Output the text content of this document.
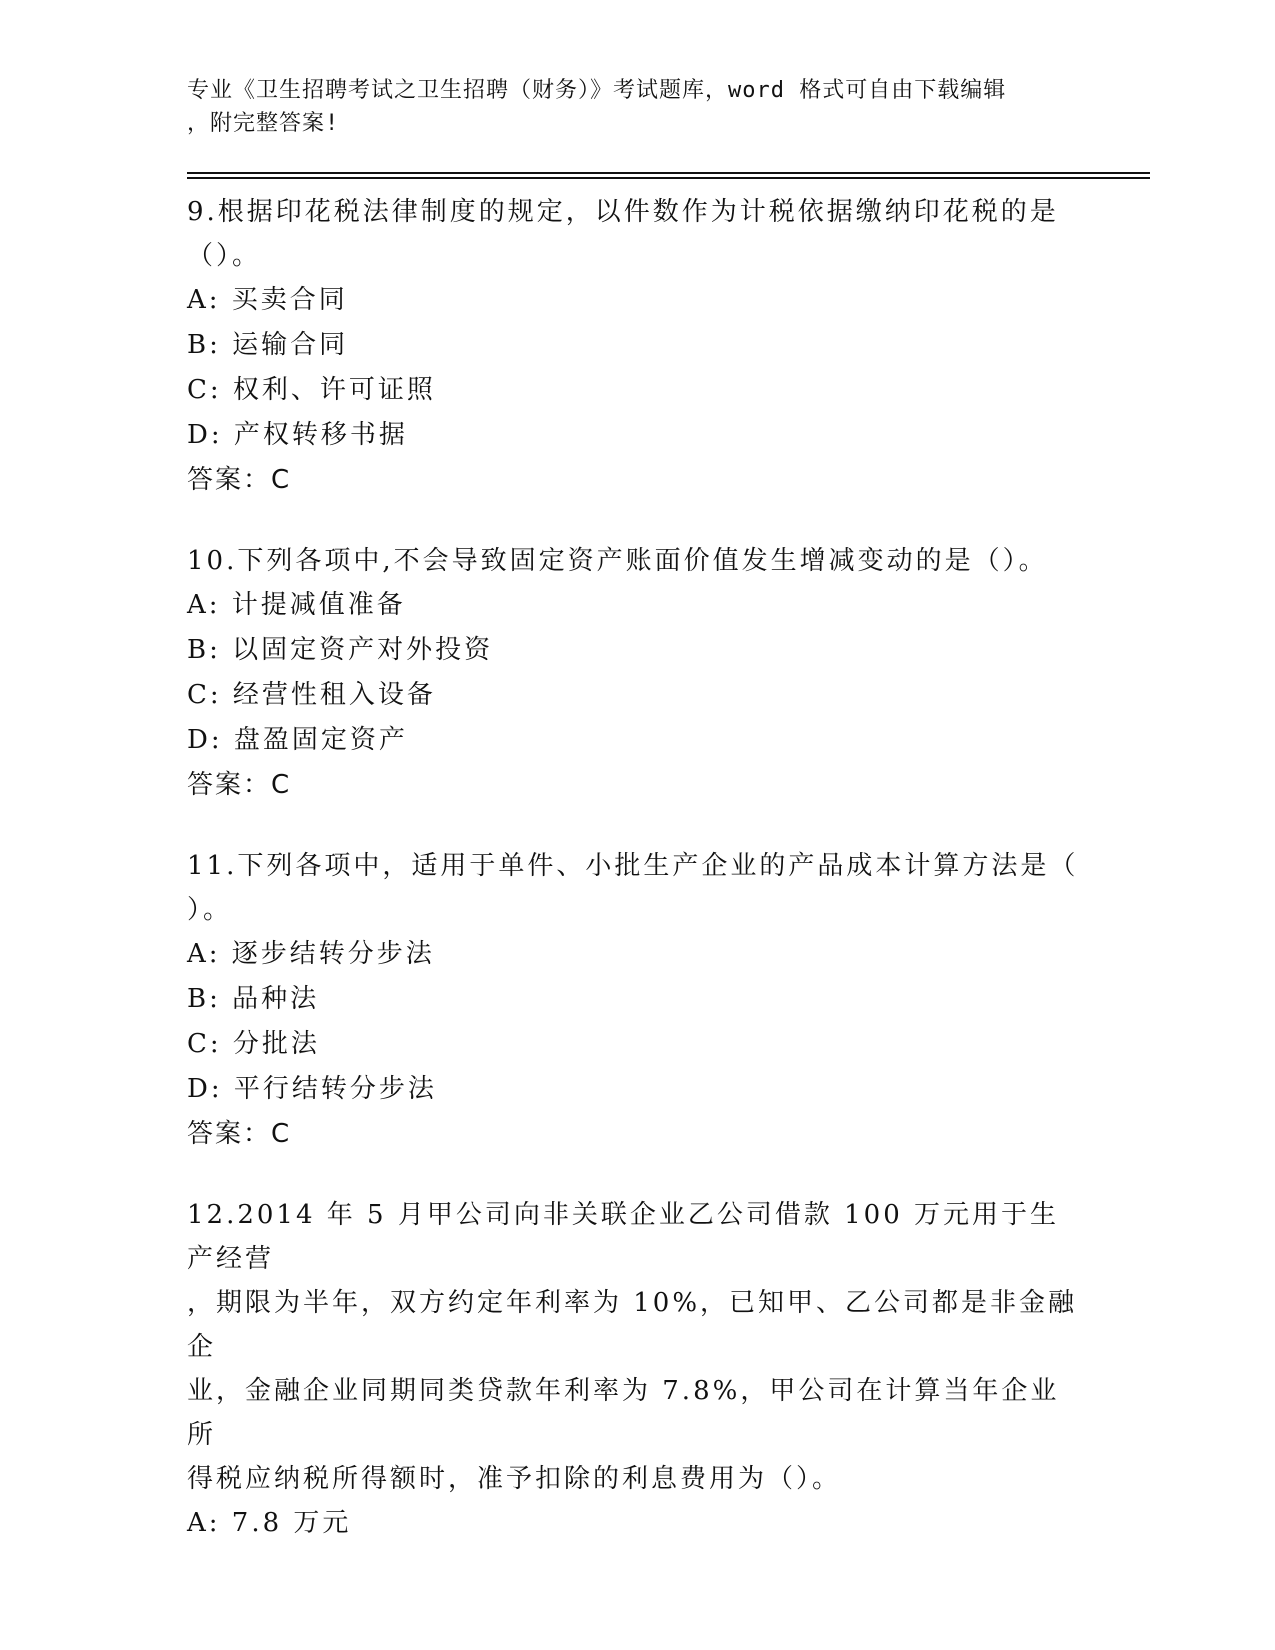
专业《卫生招聘考试之卫生招聘（财务）》考试题库，word 格式可自由下载编辑
，附完整答案!
9.根据印花税法律制度的规定，以件数作为计税依据缴纳印花税的是
（）。
A: 买卖合同
B: 运输合同
C: 权利、许可证照
D: 产权转移书据
答案：C
10.下列各项中,不会导致固定资产账面价值发生增减变动的是（）。
A: 计提减值准备
B: 以固定资产对外投资
C: 经营性租入设备
D: 盘盈固定资产
答案：C
11.下列各项中，适用于单件、小批生产企业的产品成本计算方法是（
）。
A: 逐步结转分步法
B: 品种法
C: 分批法
D: 平行结转分步法
答案：C
12.2014 年 5 月甲公司向非关联企业乙公司借款 100 万元用于生产经营
，期限为半年，双方约定年利率为 10%，已知甲、乙公司都是非金融企
业，金融企业同期同类贷款年利率为 7.8%，甲公司在计算当年企业所
得税应纳税所得额时，准予扣除的利息费用为（）。
A: 7.8 万元
